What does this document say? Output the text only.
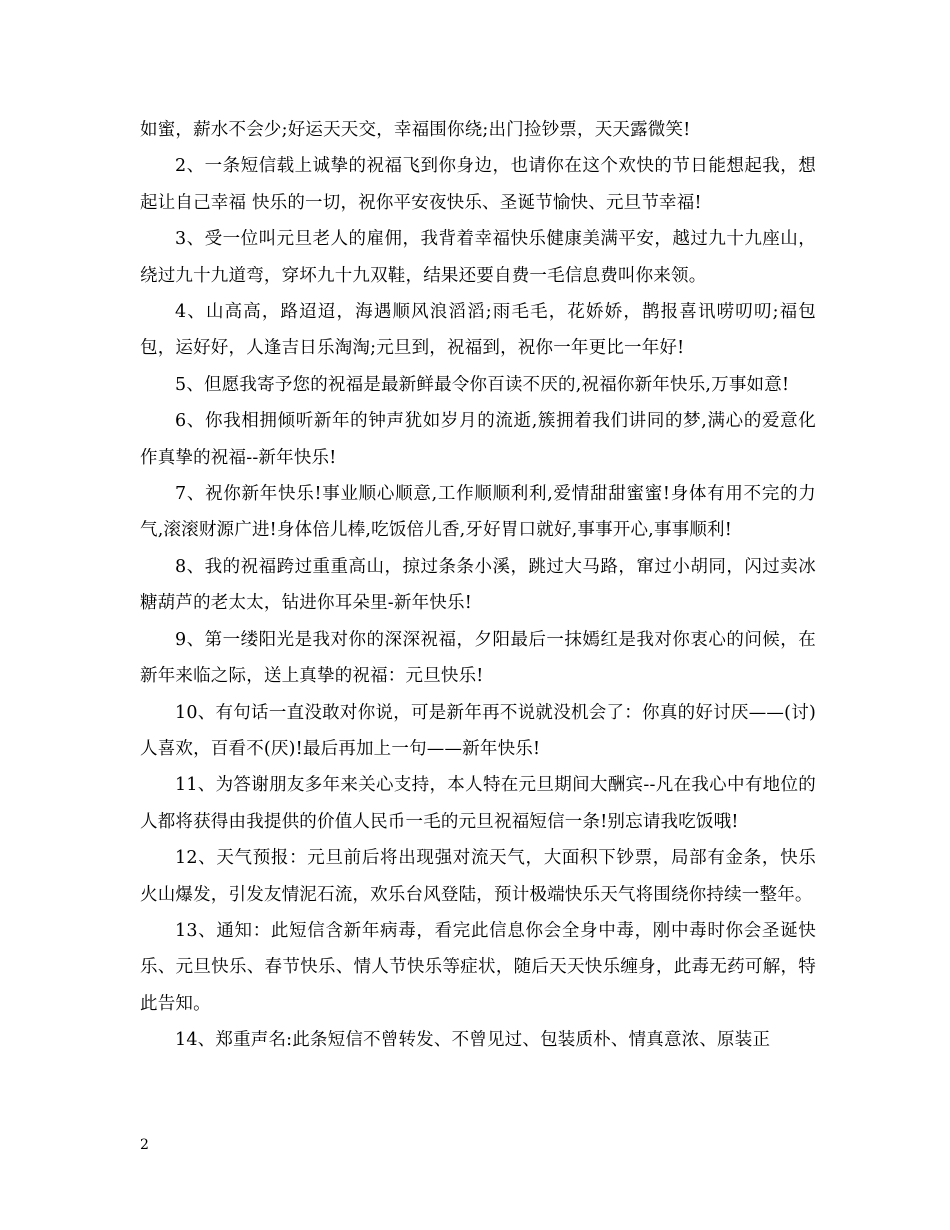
如蜜，薪水不会少;好运天天交，幸福围你绕;出门捡钞票，天天露微笑!

2、一条短信载上诚挚的祝福飞到你身边，也请你在这个欢快的节日能想起我，想起让自己幸福 快乐的一切，祝你平安夜快乐、圣诞节愉快、元旦节幸福!

3、受一位叫元旦老人的雇佣，我背着幸福快乐健康美满平安，越过九十九座山，绕过九十九道弯，穿坏九十九双鞋，结果还要自费一毛信息费叫你来领。

4、山高高，路迢迢，海遇顺风浪滔滔;雨毛毛，花娇娇，鹊报喜讯唠叨叨;福包包，运好好，人逢吉日乐淘淘;元旦到，祝福到，祝你一年更比一年好!

5、但愿我寄予您的祝福是最新鲜最令你百读不厌的,祝福你新年快乐,万事如意!

6、你我相拥倾听新年的钟声犹如岁月的流逝,簇拥着我们讲同的梦,满心的爱意化作真挚的祝福--新年快乐!

7、祝你新年快乐!事业顺心顺意,工作顺顺利利,爱情甜甜蜜蜜!身体有用不完的力气,滚滚财源广进!身体倍儿棒,吃饭倍儿香,牙好胃口就好,事事开心,事事顺利!

8、我的祝福跨过重重高山，掠过条条小溪，跳过大马路，窜过小胡同，闪过卖冰糖葫芦的老太太，钻进你耳朵里-新年快乐!

9、第一缕阳光是我对你的深深祝福，夕阳最后一抹嫣红是我对你衷心的问候，在新年来临之际，送上真挚的祝福：元旦快乐!

10、有句话一直没敢对你说，可是新年再不说就没机会了：你真的好讨厌——(讨)人喜欢，百看不(厌)!最后再加上一句——新年快乐!

11、为答谢朋友多年来关心支持，本人特在元旦期间大酬宾--凡在我心中有地位的人都将获得由我提供的价值人民币一毛的元旦祝福短信一条!别忘请我吃饭哦!

12、天气预报：元旦前后将出现强对流天气，大面积下钞票，局部有金条，快乐火山爆发，引发友情泥石流，欢乐台风登陆，预计极端快乐天气将围绕你持续一整年。

13、通知：此短信含新年病毒，看完此信息你会全身中毒，刚中毒时你会圣诞快乐、元旦快乐、春节快乐、情人节快乐等症状，随后天天快乐缠身，此毒无药可解，特此告知。

14、郑重声名:此条短信不曾转发、不曾见过、包装质朴、情真意浓、原装正

2
